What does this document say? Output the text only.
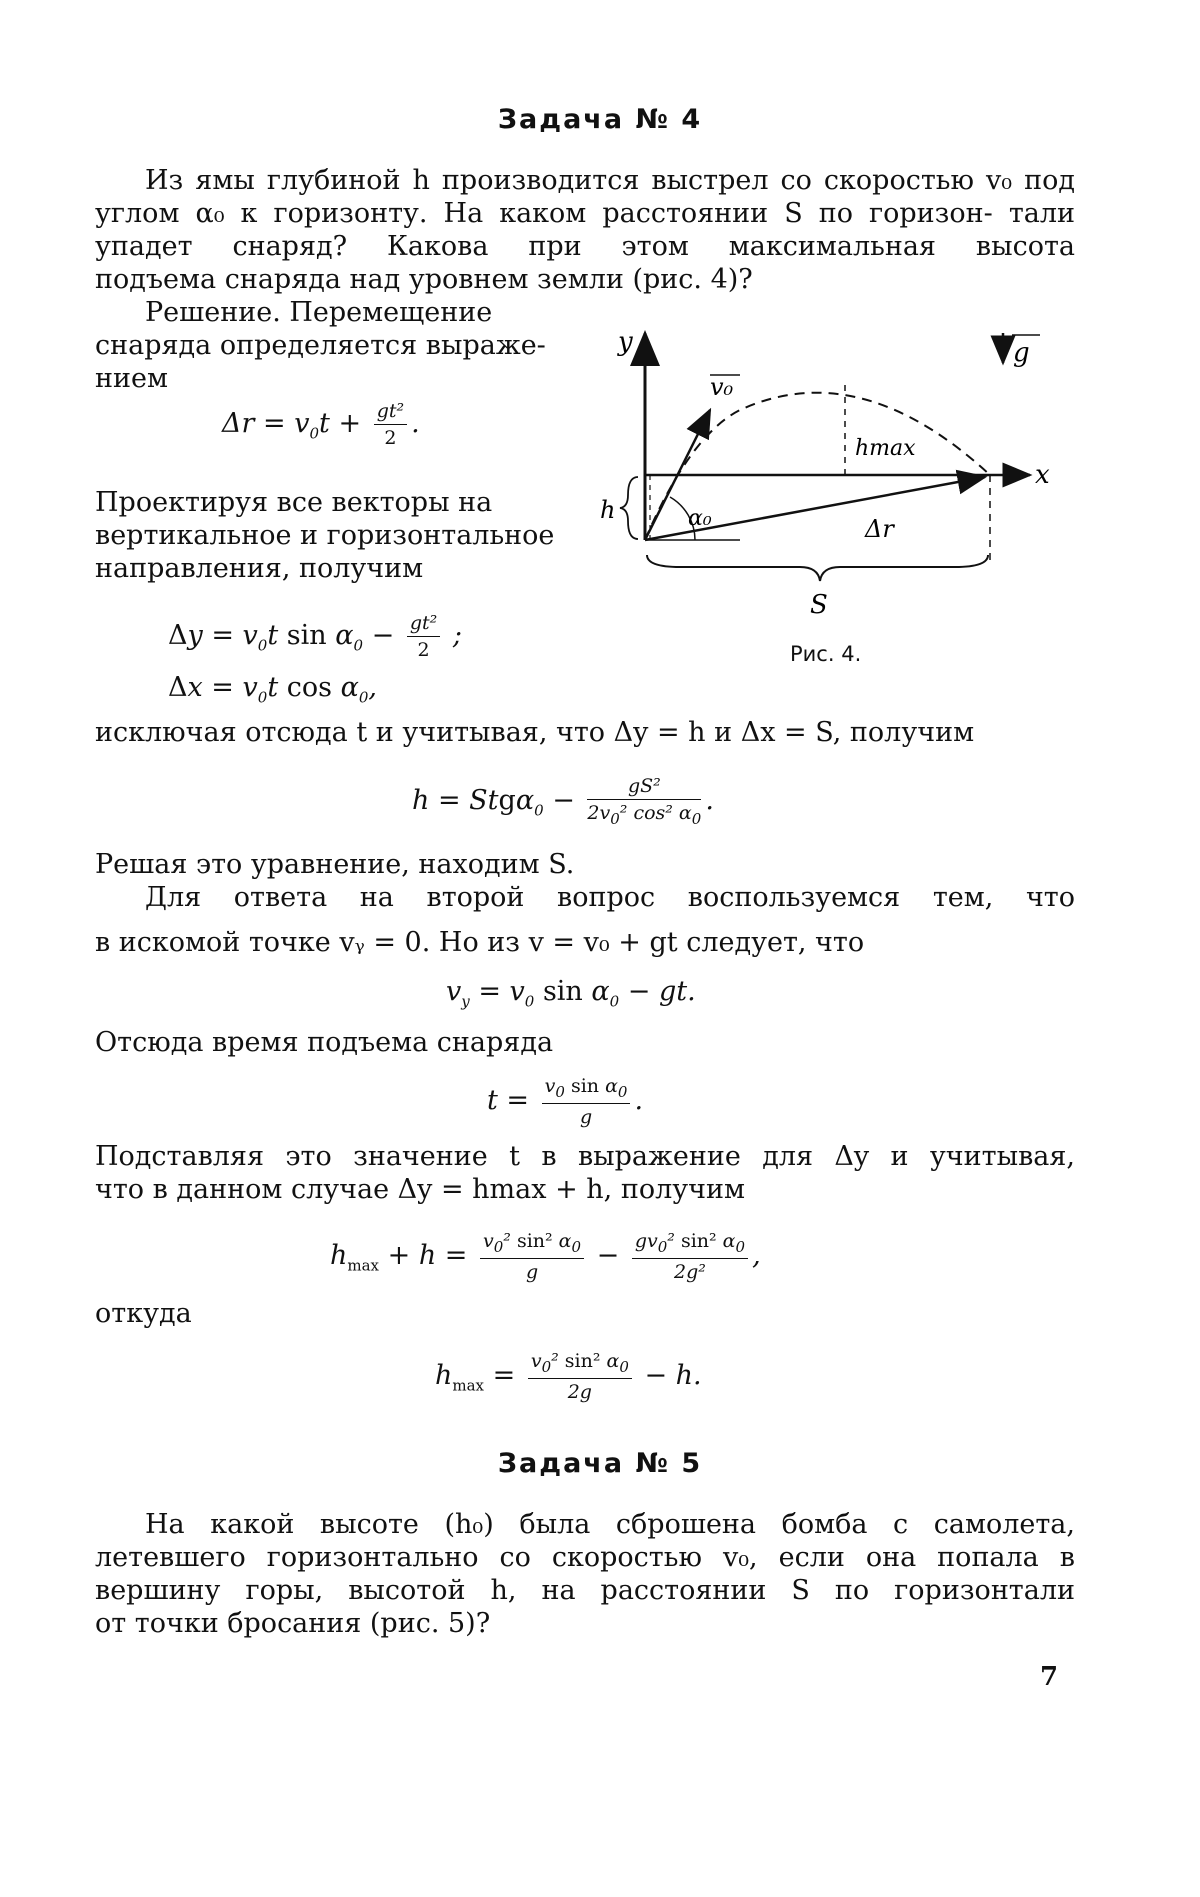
Задача № 4
Из ямы глубиной h производится выстрел со скоростью v₀ под углом α₀ к горизонту. На каком расстоянии S по горизон- тали упадет снаряд? Какова при этом максимальная высота
подъема снаряда над уровнем земли (рис. 4)?
Решение. Перемещение
снаряда определяется выраже-
нием
$\Delta r = v_0t + \frac{\text{gt²}}{2}$ .
Проектируя все векторы на
вертикальное и горизонтальное
направления, получим
$\Delta y = v_0t$ $\sin \alpha_0 - \frac{\text{gt²}}{2}$ ;
$\Delta x = v_0t$ $\cos \alpha_0$,
y	g
x
v₀
α₀	Δr
hmax
h
S
Рис. 4.
исключая отсюда t и учитывая, что Δy = h и Δx = S, получим
$h = Stg\alpha_0 - \frac{\text{gS²}}{2v_0^2 \cos^2 \alpha_0}$ .
Решая это уравнение, находим S.
Для ответа на второй вопрос воспользуемся тем, что
в искомой точке vᵧ = 0. Но из v = v₀ + gt следует, что
$v_y = v_0$ $\sin \alpha_0$ − gt.
Отсюда время подъема снаряда
$t = \frac{v_0 \sin \alpha_0}{g}$ .
Подставляя это значение t в выражение для Δy и учитывая,
что в данном случае Δy = hmax + h, получим
$h_{max} + h = \frac{v_0^2 \sin^2 \alpha_0}{g} - \frac{gv_0^2 \sin^2 \alpha_0}{\text{2g²}}$ ,
откуда
$h_{max} = \frac{v_0^2 \sin^2 \alpha_0}{2g} - h$.
Задача № 5
На какой высоте (h₀) была сброшена бомба с самолета, летевшего горизонтально со скоростью v₀, если она попала в вершину горы, высотой h, на расстоянии S по горизонтали
от точки бросания (рис. 5)?
7
